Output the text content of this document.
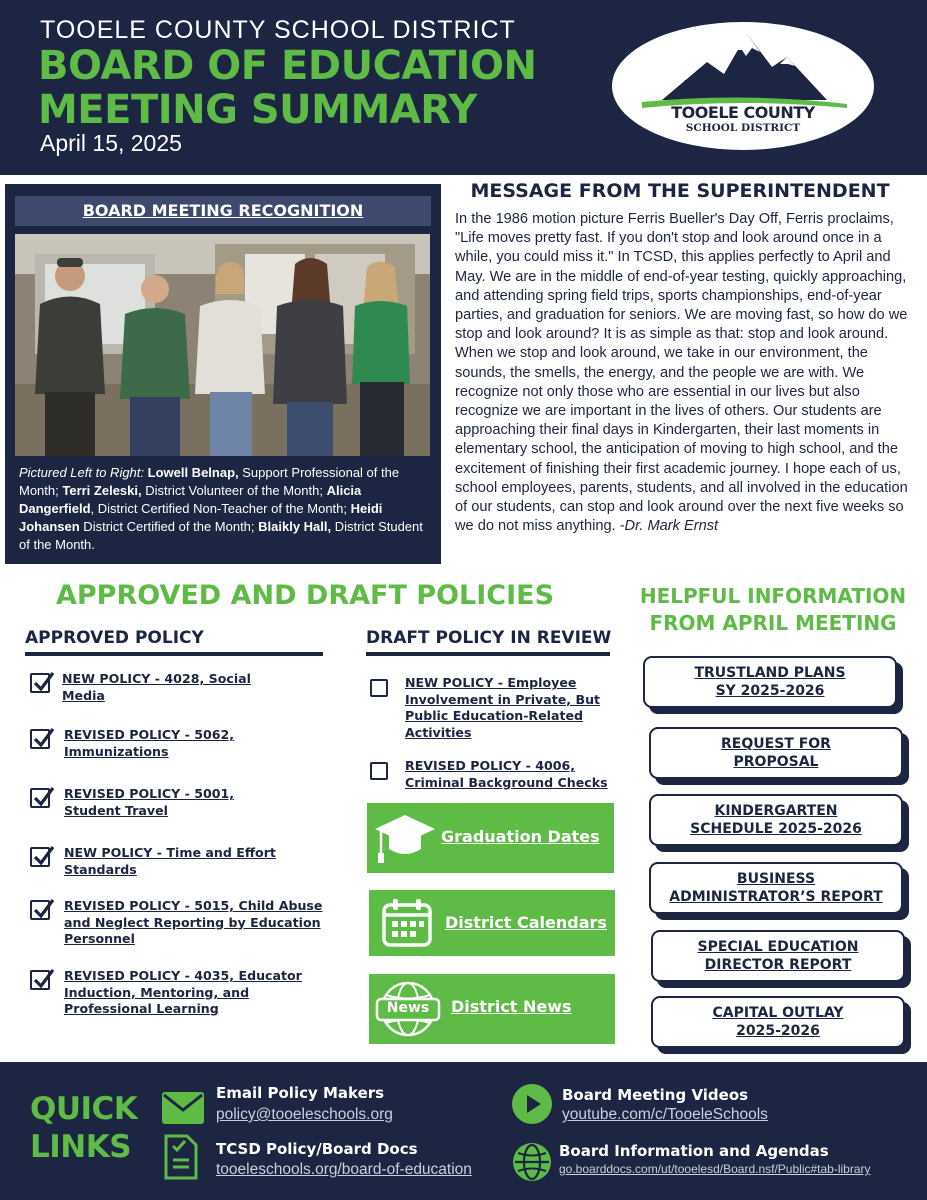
TOOELE COUNTY SCHOOL DISTRICT
BOARD OF EDUCATION
MEETING SUMMARY
April 15, 2025
Education Elevated
TOOELE COUNTY
SCHOOL DISTRICT
BOARD MEETING RECOGNITION
Pictured Left to Right: Lowell Belnap, Support Professional of the Month; Terri Zeleski, District Volunteer of the Month; Alicia Dangerfield, District Certified Non-Teacher of the Month; Heidi Johansen District Certified of the Month; Blaikly Hall, District Student of the Month.
MESSAGE FROM THE SUPERINTENDENT
In the 1986 motion picture Ferris Bueller's Day Off, Ferris proclaims, "Life moves pretty fast. If you don't stop and look around once in a while, you could miss it." In TCSD, this applies perfectly to April and May. We are in the middle of end-of-year testing, quickly approaching, and attending spring field trips, sports championships, end-of-year parties, and graduation for seniors. We are moving fast, so how do we stop and look around? It is as simple as that: stop and look around. When we stop and look around, we take in our environment, the sounds, the smells, the energy, and the people we are with. We recognize not only those who are essential in our lives but also recognize we are important in the lives of others. Our students are approaching their final days in Kindergarten, their last moments in elementary school, the anticipation of moving to high school, and the excitement of finishing their first academic journey. I hope each of us, school employees, parents, students, and all involved in the education of our students, can stop and look around over the next five weeks so we do not miss anything. -Dr. Mark Ernst
APPROVED AND DRAFT POLICIES
APPROVED POLICY	DRAFT POLICY IN REVIEW
NEW POLICY - 4028, Social
Media
REVISED POLICY - 5062,
Immunizations
REVISED POLICY - 5001,
Student Travel
NEW POLICY - Time and Effort
Standards
REVISED POLICY - 5015, Child Abuse
and Neglect Reporting by Education
Personnel
REVISED POLICY - 4035, Educator
Induction, Mentoring, and
Professional Learning
NEW POLICY - Employee
Involvement in Private, But
Public Education-Related
Activities
REVISED POLICY - 4006,
Criminal Background Checks
Graduation Dates
District Calendars
News	District News
HELPFUL INFORMATION
FROM APRIL MEETING
TRUSTLAND PLANS
SY 2025-2026
REQUEST FOR
PROPOSAL
KINDERGARTEN
SCHEDULE 2025-2026
BUSINESS
ADMINISTRATOR’S REPORT
SPECIAL EDUCATION
DIRECTOR REPORT
CAPITAL OUTLAY
2025-2026
QUICK
LINKS
Email Policy Makers
policy@tooeleschools.org
TCSD Policy/Board Docs
tooeleschools.org/board-of-education
Board Meeting Videos
youtube.com/c/TooeleSchools
Board Information and Agendas
go.boarddocs.com/ut/tooelesd/Board.nsf/Public#tab-library
